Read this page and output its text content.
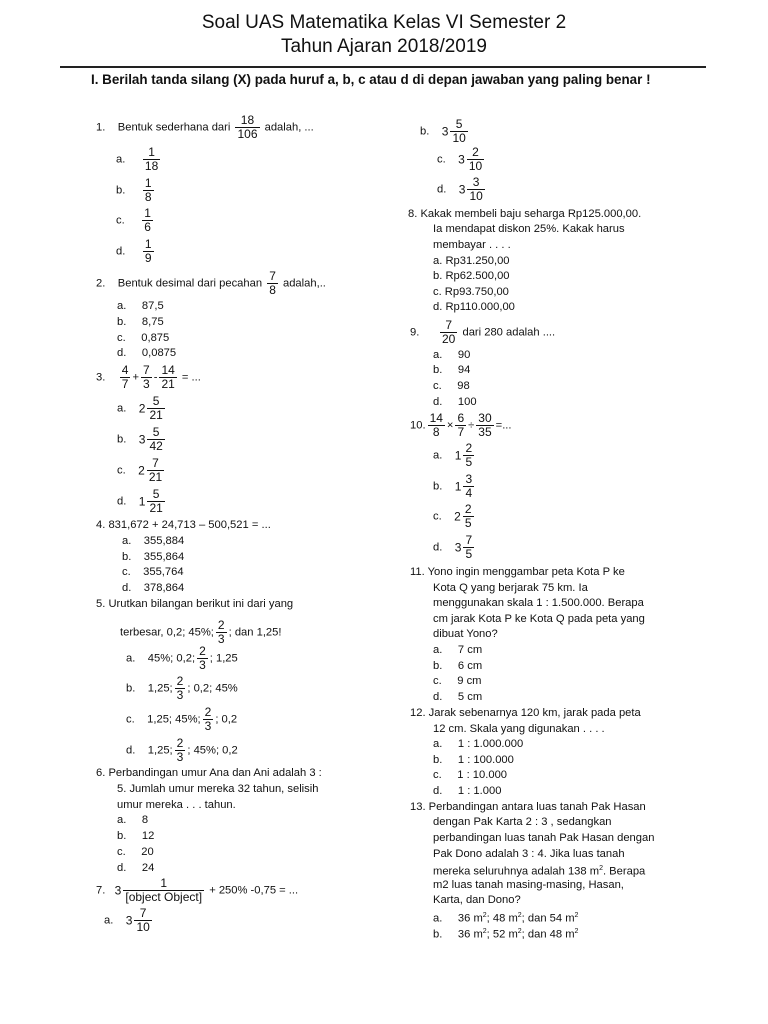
Soal UAS Matematika Kelas VI Semester 2
Tahun Ajaran 2018/2019
I. Berilah tanda silang (X) pada huruf a, b, c atau d di depan jawaban yang paling benar !
1. Bentuk sederhana dari $\frac{18}{106}$ adalah, ...
a. $\frac{1}{18}$
b. $\frac{1}{8}$
c. $\frac{1}{6}$
d. $\frac{1}{9}$
2. Bentuk desimal dari pecahan $\frac{7}{8}$ adalah,..
a. 87,5
b. 8,75
c. 0,875
d. 0,0875
3. $\frac{4}{7} + \frac{7}{3} - \frac{14}{21}$ = ...
a. $2 \frac{5}{21}$
b. $3 \frac{5}{42}$
c. $2 \frac{7}{21}$
d. $1 \frac{5}{21}$
4. 831,672 + 24,713 – 500,521 = ...
a. 355,884
b. 355,864
c. 355,764
d. 378,864
5. Urutkan bilangan berikut ini dari yang
terbesar, 0,2; 45%; $\frac{2}{3}$ ; dan 1,25!
a. 45%; 0,2; $\frac{2}{3}$ ; 1,25
b. 1,25; $\frac{2}{3}$ ; 0,2; 45%
c. 1,25; 45%; $\frac{2}{3}$ ; 0,2
d. 1,25; $\frac{2}{3}$ ; 45%; 0,2
6. Perbandingan umur Ana dan Ani adalah 3 :
5. Jumlah umur mereka 32 tahun, selisih
umur mereka . . . tahun.
a. 8
b. 12
c. 20
d. 24
7. $3 \frac{1}{\text{[object Object]}} + 250\%$ -0,75 = ...
a. $3 \frac{7}{10}$
b. $3 \frac{5}{10}$
c. $3 \frac{2}{10}$
d. $3 \frac{3}{10}$
8. Kakak membeli baju seharga Rp125.000,00.
Ia mendapat diskon 25%. Kakak harus
membayar . . . .
a. Rp31.250,00
b. Rp62.500,00
c. Rp93.750,00
d. Rp110.000,00
9. $\frac{7}{20}$ dari 280 adalah ....
a. 90
b. 94
c. 98
d. 100
10. $\frac{14}{8} \times \frac{6}{7} \div \frac{30}{35}$ =...
a. $1 \frac{2}{5}$
b. $1 \frac{3}{4}$
c. $2 \frac{2}{5}$
d. $3 \frac{7}{5}$
11. Yono ingin menggambar peta Kota P ke
Kota Q yang berjarak 75 km. Ia
menggunakan skala 1 : 1.500.000. Berapa
cm jarak Kota P ke Kota Q pada peta yang
dibuat Yono?
a. 7 cm
b. 6 cm
c. 9 cm
d. 5 cm
12. Jarak sebenarnya 120 km, jarak pada peta
12 cm. Skala yang digunakan . . . .
a. 1 : 1.000.000
b. 1 : 100.000
c. 1 : 10.000
d. 1 : 1.000
13. Perbandingan antara luas tanah Pak Hasan
dengan Pak Karta 2 : 3 , sedangkan
perbandingan luas tanah Pak Hasan dengan
Pak Dono adalah 3 : 4. Jika luas tanah
mereka seluruhnya adalah 138 $m^2$. Berapa
m2 luas tanah masing-masing, Hasan,
Karta, dan Dono?
a. 36 $m^2$; 48 $m^2$; dan 54 $m^2$
b. 36 $m^2$; 52 $m^2$; dan 48 $m^2$
